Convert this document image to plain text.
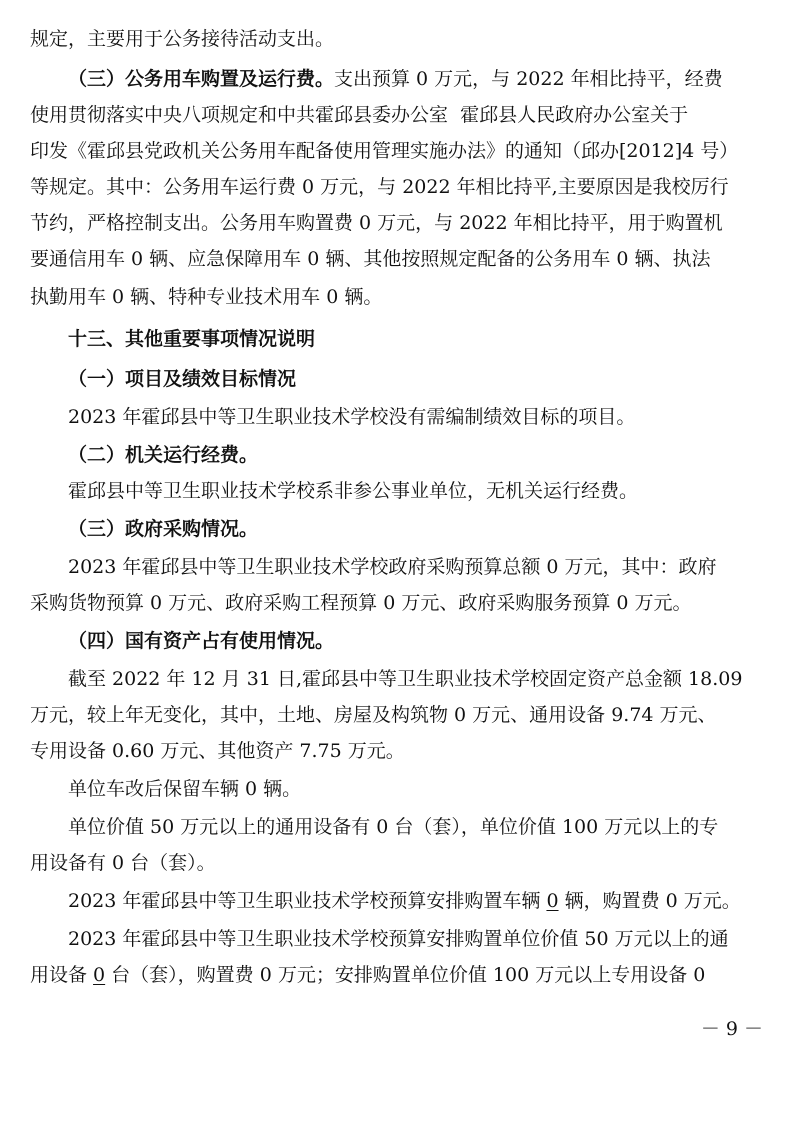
规定，主要用于公务接待活动支出。
（三）公务用车购置及运行费。支出预算 0 万元，与 2022 年相比持平，经费
使用贯彻落实中央八项规定和中共霍邱县委办公室  霍邱县人民政府办公室关于
印发《霍邱县党政机关公务用车配备使用管理实施办法》的通知（邱办[2012]4 号）
等规定。其中：公务用车运行费 0 万元，与 2022 年相比持平,主要原因是我校厉行
节约，严格控制支出。公务用车购置费 0 万元，与 2022 年相比持平，用于购置机
要通信用车 0 辆、应急保障用车 0 辆、其他按照规定配备的公务用车 0 辆、执法
执勤用车 0 辆、特种专业技术用车 0 辆。
十三、其他重要事项情况说明
（一）项目及绩效目标情况
2023 年霍邱县中等卫生职业技术学校没有需编制绩效目标的项目。
（二）机关运行经费。
霍邱县中等卫生职业技术学校系非参公事业单位，无机关运行经费。
（三）政府采购情况。
2023 年霍邱县中等卫生职业技术学校政府采购预算总额 0 万元，其中：政府
采购货物预算 0 万元、政府采购工程预算 0 万元、政府采购服务预算 0 万元。
（四）国有资产占有使用情况。
截至 2022 年 12 月 31 日,霍邱县中等卫生职业技术学校固定资产总金额 18.09
万元，较上年无变化，其中，土地、房屋及构筑物 0 万元、通用设备 9.74 万元、
专用设备 0.60 万元、其他资产 7.75 万元。
单位车改后保留车辆 0 辆。
单位价值 50 万元以上的通用设备有 0 台（套），单位价值 100 万元以上的专
用设备有 0 台（套）。
2023 年霍邱县中等卫生职业技术学校预算安排购置车辆 0 辆，购置费 0 万元。
2023 年霍邱县中等卫生职业技术学校预算安排购置单位价值 50 万元以上的通
用设备 0 台（套），购置费 0 万元；安排购置单位价值 100 万元以上专用设备 0
－ 9 －
